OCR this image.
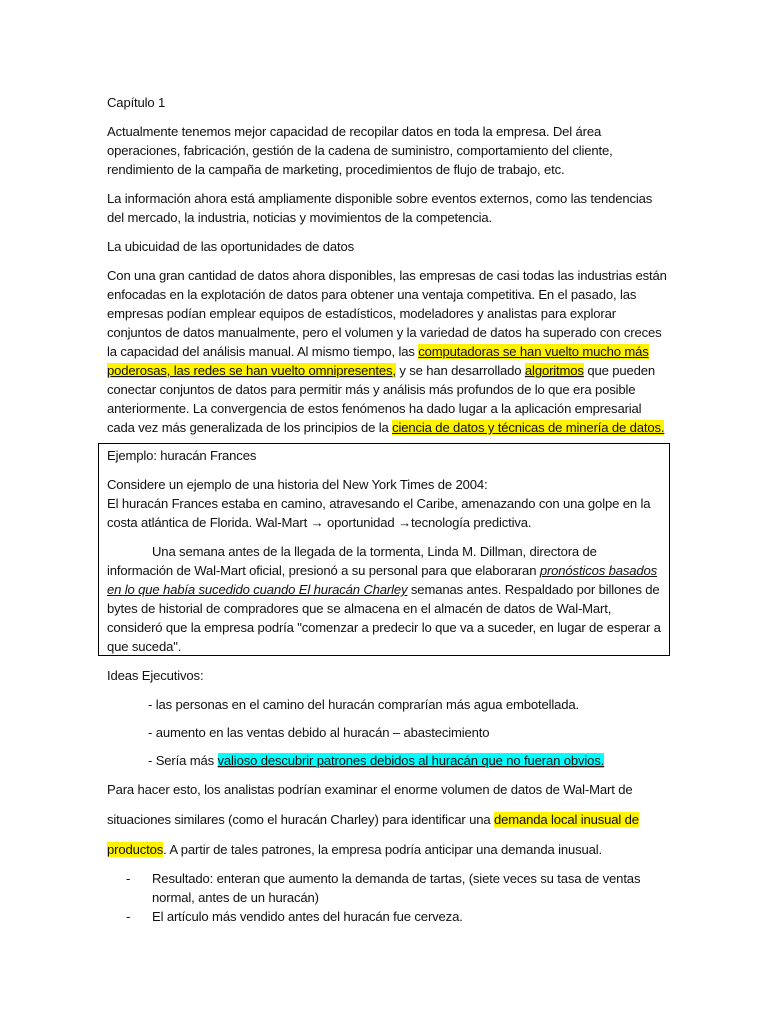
Capítulo 1
Actualmente tenemos mejor capacidad de recopilar datos en toda la empresa. Del área
operaciones, fabricación, gestión de la cadena de suministro, comportamiento del cliente,
rendimiento de la campaña de marketing, procedimientos de flujo de trabajo, etc.
La información ahora está ampliamente disponible sobre eventos externos, como las tendencias
del mercado, la industria, noticias y movimientos de la competencia.
La ubicuidad de las oportunidades de datos
Con una gran cantidad de datos ahora disponibles, las empresas de casi todas las industrias están
enfocadas en la explotación de datos para obtener una ventaja competitiva. En el pasado, las
empresas podían emplear equipos de estadísticos, modeladores y analistas para explorar
conjuntos de datos manualmente, pero el volumen y la variedad de datos ha superado con creces
la capacidad del análisis manual. Al mismo tiempo, las computadoras se han vuelto mucho más
poderosas, las redes se han vuelto omnipresentes, y se han desarrollado algoritmos que pueden
conectar conjuntos de datos para permitir más y análisis más profundos de lo que era posible
anteriormente. La convergencia de estos fenómenos ha dado lugar a la aplicación empresarial
cada vez más generalizada de los principios de la ciencia de datos y técnicas de minería de datos.
Ejemplo: huracán Frances
Considere un ejemplo de una historia del New York Times de 2004:
El huracán Frances estaba en camino, atravesando el Caribe, amenazando con una golpe en la
costa atlántica de Florida. Wal-Mart → oportunidad →tecnología predictiva.
Una semana antes de la llegada de la tormenta, Linda M. Dillman, directora de
información de Wal-Mart oficial, presionó a su personal para que elaboraran pronósticos basados
en lo que había sucedido cuando El huracán Charley semanas antes. Respaldado por billones de
bytes de historial de compradores que se almacena en el almacén de datos de Wal-Mart,
consideró que la empresa podría "comenzar a predecir lo que va a suceder, en lugar de esperar a
que suceda".
Ideas Ejecutivos:
- las personas en el camino del huracán comprarían más agua embotellada.
- aumento en las ventas debido al huracán – abastecimiento
- Sería más valioso descubrir patrones debidos al huracán que no fueran obvios.
Para hacer esto, los analistas podrían examinar el enorme volumen de datos de Wal-Mart de
situaciones similares (como el huracán Charley) para identificar una demanda local inusual de
productos. A partir de tales patrones, la empresa podría anticipar una demanda inusual.
- Resultado: enteran que aumento la demanda de tartas, (siete veces su tasa de ventas
normal, antes de un huracán)
- El artículo más vendido antes del huracán fue cerveza.
